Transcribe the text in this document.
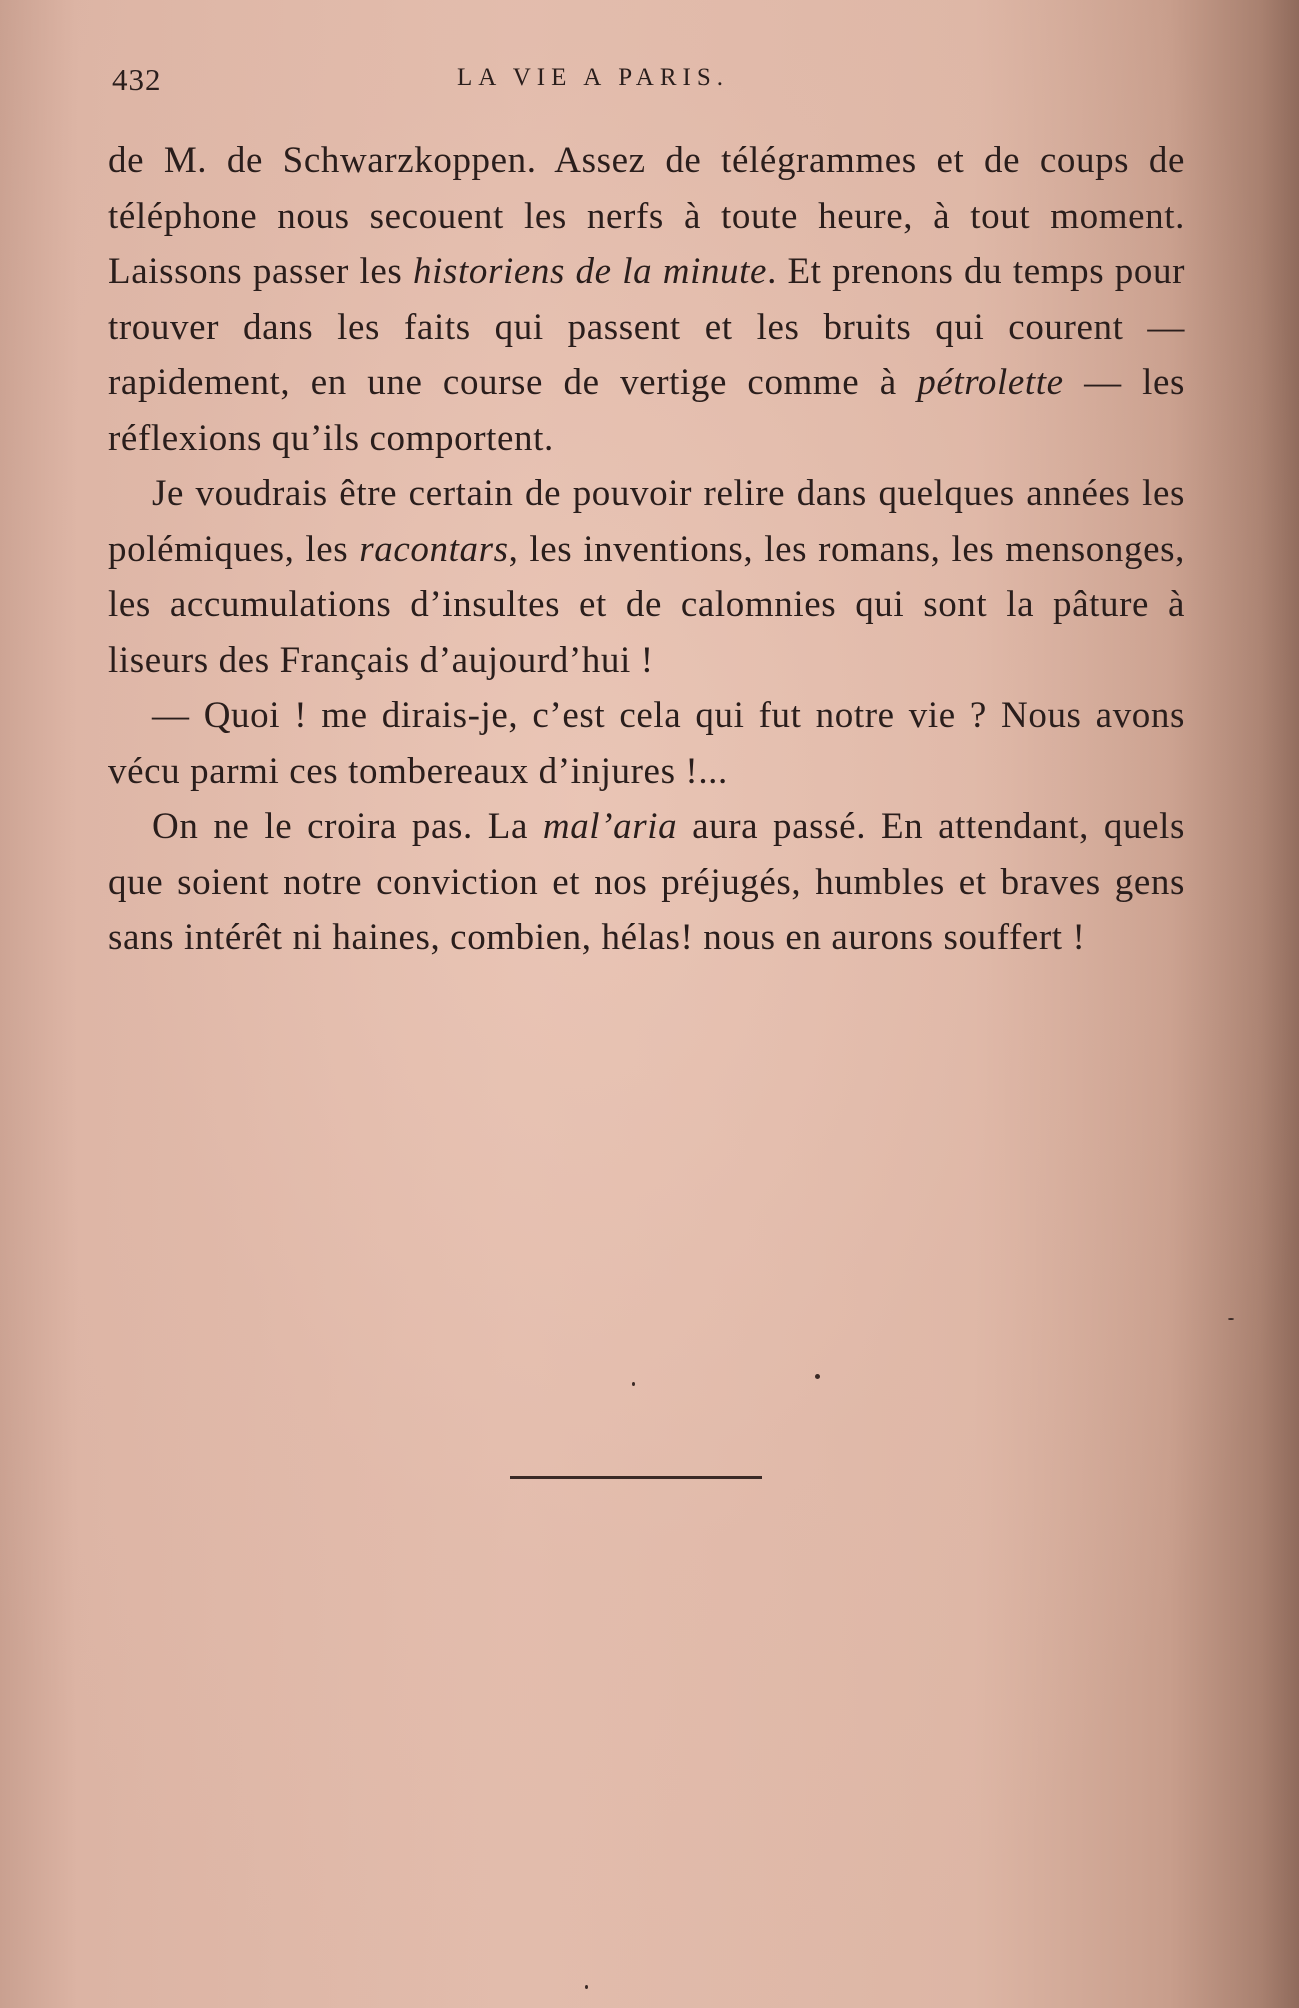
432	LA VIE A PARIS.

de M. de Schwarzkoppen. Assez de télégrammes et de coups de téléphone nous secouent les nerfs à toute heure, à tout moment. Laissons passer les historiens de la minute. Et prenons du temps pour trouver dans les faits qui passent et les bruits qui courent — rapidement, en une course de vertige comme à pétrolette — les réflexions qu’ils comportent.

Je voudrais être certain de pouvoir relire dans quelques années les polémiques, les racontars, les inventions, les romans, les mensonges, les accumulations d’insultes et de calomnies qui sont la pâture à liseurs des Français d’aujourd’hui !

— Quoi ! me dirais-je, c’est cela qui fut notre vie ? Nous avons vécu parmi ces tombereaux d’injures !...

On ne le croira pas. La mal’aria aura passé. En attendant, quels que soient notre conviction et nos préjugés, humbles et braves gens sans intérêt ni haines, combien, hélas! nous en aurons souffert !
